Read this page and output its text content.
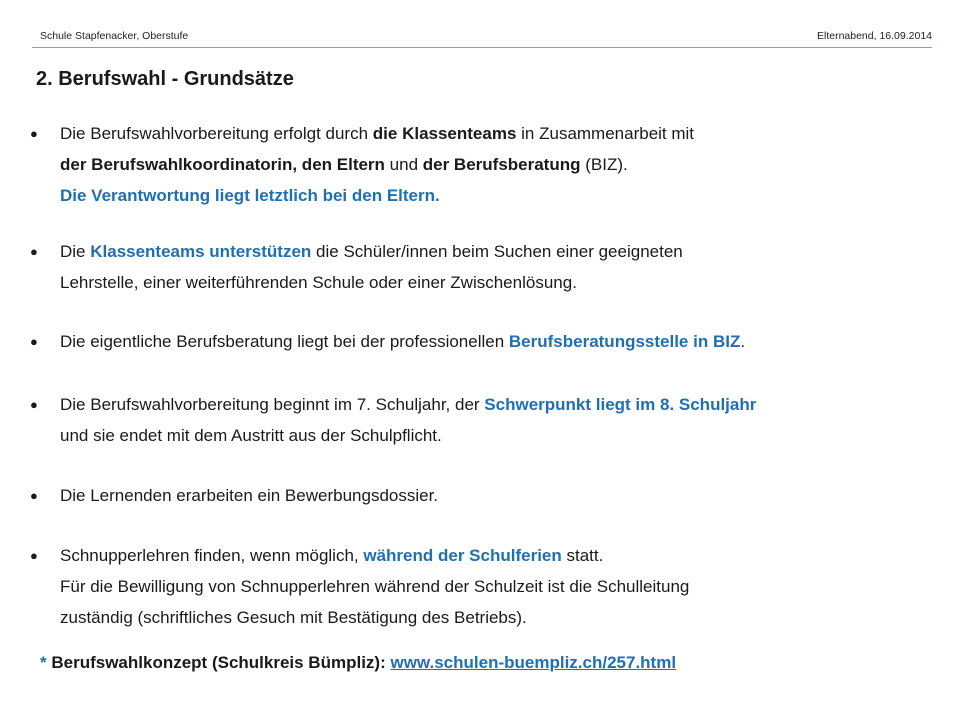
Schule Stapfenacker, Oberstufe	Elternabend, 16.09.2014
2. Berufswahl - Grundsätze
● Die Berufswahlvorbereitung erfolgt durch die Klassenteams in Zusammenarbeit mit
der Berufswahlkoordinatorin, den Eltern und der Berufsberatung (BIZ).
Die Verantwortung liegt letztlich bei den Eltern.
● Die Klassenteams unterstützen die Schüler/innen beim Suchen einer geeigneten
Lehrstelle, einer weiterführenden Schule oder einer Zwischenlösung.
● Die eigentliche Berufsberatung liegt bei der professionellen Berufsberatungsstelle in BIZ.
● Die Berufswahlvorbereitung beginnt im 7. Schuljahr, der Schwerpunkt liegt im 8. Schuljahr
und sie endet mit dem Austritt aus der Schulpflicht.
● Die Lernenden erarbeiten ein Bewerbungsdossier.
● Schnupperlehren finden, wenn möglich, während der Schulferien statt.
Für die Bewilligung von Schnupperlehren während der Schulzeit ist die Schulleitung
zuständig (schriftliches Gesuch mit Bestätigung des Betriebs).
* Berufswahlkonzept (Schulkreis Bümpliz): www.schulen-buempliz.ch/257.html
